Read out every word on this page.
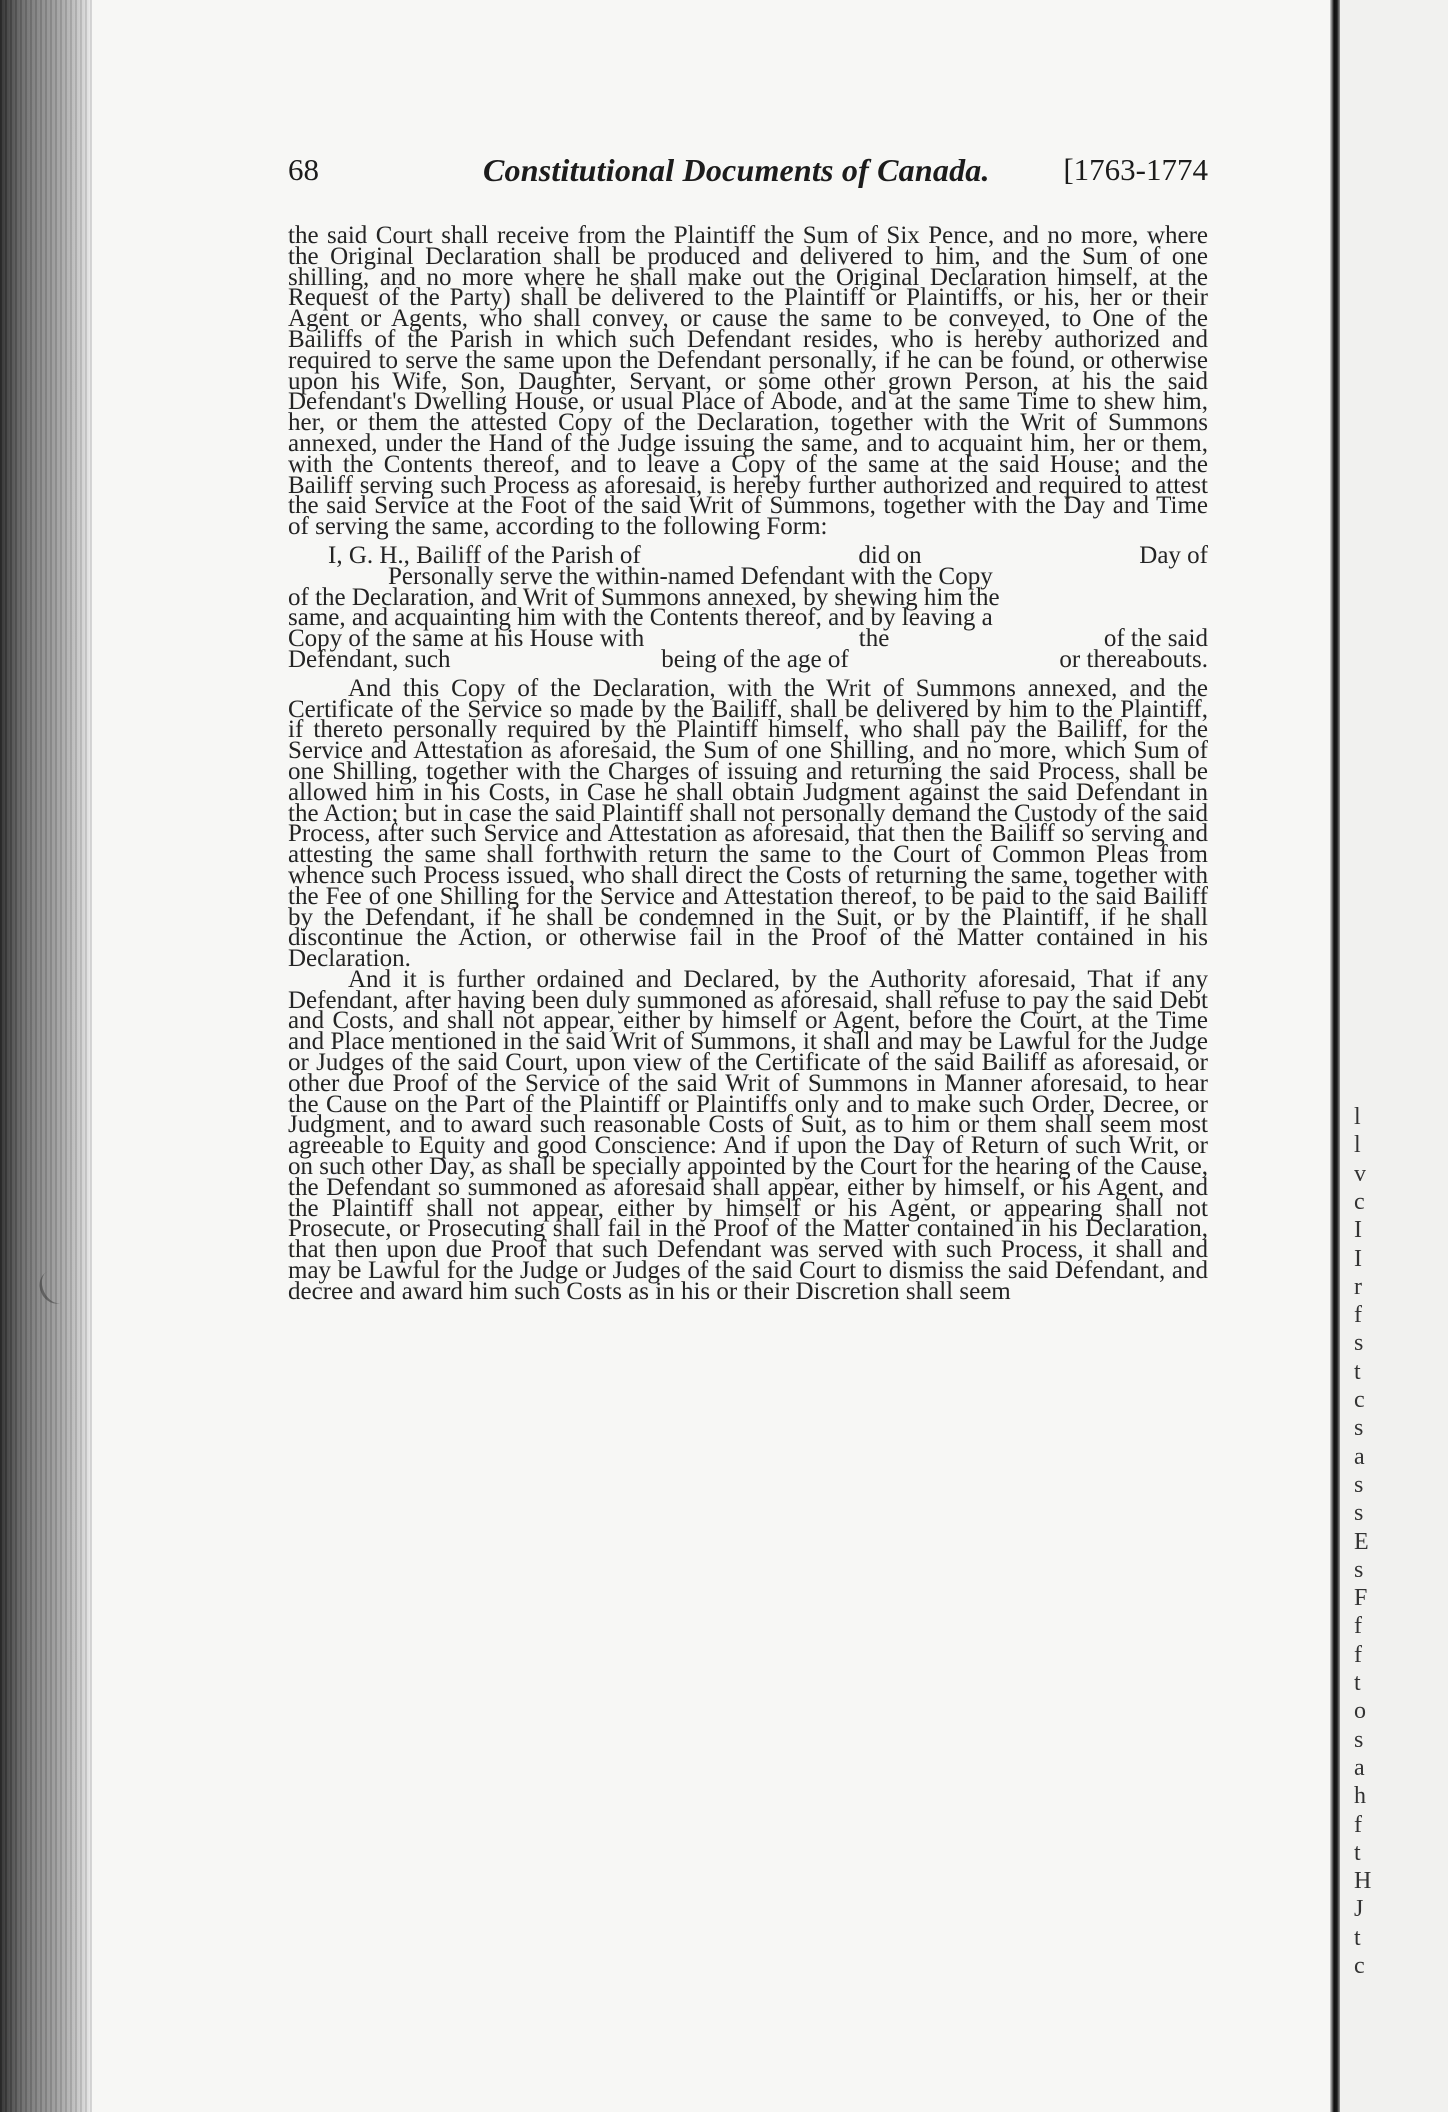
68	Constitutional Documents of Canada. [1763-1774

the said Court shall receive from the Plaintiff the Sum of Six Pence, and no more, where the Original Declaration shall be produced and delivered to him, and the Sum of one shilling, and no more where he shall make out the Original Declaration himself, at the Request of the Party) shall be delivered to the Plaintiff or Plaintiffs, or his, her or their Agent or Agents, who shall convey, or cause the same to be conveyed, to One of the Bailiffs of the Parish in which such Defendant resides, who is hereby authorized and required to serve the same upon the Defendant personally, if he can be found, or otherwise upon his Wife, Son, Daughter, Servant, or some other grown Person, at his the said Defendant's Dwelling House, or usual Place of Abode, and at the same Time to shew him, her, or them the attested Copy of the Declaration, together with the Writ of Summons annexed, under the Hand of the Judge issuing the same, and to acquaint him, her or them, with the Contents thereof, and to leave a Copy of the same at the said House; and the Bailiff serving such Process as aforesaid, is hereby further authorized and required to attest the said Service at the Foot of the said Writ of Summons, together with the Day and Time of serving the same, according to the following Form:

I, G. H., Bailiff of the Parish of	did on	Day of
Personally serve the within-named Defendant with the Copy
of the Declaration, and Writ of Summons annexed, by shewing him the
same, and acquainting him with the Contents thereof, and by leaving a
Copy of the same at his House with	the	of the said
Defendant, such	being of the age of	or thereabouts.

And this Copy of the Declaration, with the Writ of Summons annexed, and the Certificate of the Service so made by the Bailiff, shall be delivered by him to the Plaintiff, if thereto personally required by the Plaintiff himself, who shall pay the Bailiff, for the Service and Attestation as aforesaid, the Sum of one Shilling, and no more, which Sum of one Shilling, together with the Charges of issuing and returning the said Process, shall be allowed him in his Costs, in Case he shall obtain Judgment against the said Defendant in the Action; but in case the said Plaintiff shall not personally demand the Custody of the said Process, after such Service and Attestation as aforesaid, that then the Bailiff so serving and attesting the same shall forthwith return the same to the Court of Common Pleas from whence such Process issued, who shall direct the Costs of returning the same, together with the Fee of one Shilling for the Service and Attestation thereof, to be paid to the said Bailiff by the Defendant, if he shall be condemned in the Suit, or by the Plaintiff, if he shall discontinue the Action, or otherwise fail in the Proof of the Matter contained in his Declaration.

And it is further ordained and Declared, by the Authority aforesaid, That if any Defendant, after having been duly summoned as aforesaid, shall refuse to pay the said Debt and Costs, and shall not appear, either by himself or Agent, before the Court, at the Time and Place mentioned in the said Writ of Summons, it shall and may be Lawful for the Judge or Judges of the said Court, upon view of the Certificate of the said Bailiff as aforesaid, or other due Proof of the Service of the said Writ of Summons in Manner aforesaid, to hear the Cause on the Part of the Plaintiff or Plaintiffs only and to make such Order, Decree, or Judgment, and to award such reasonable Costs of Suit, as to him or them shall seem most agreeable to Equity and good Conscience: And if upon the Day of Return of such Writ, or on such other Day, as shall be specially appointed by the Court for the hearing of the Cause, the Defendant so summoned as aforesaid shall appear, either by himself, or his Agent, and the Plaintiff shall not appear, either by himself or his Agent, or appearing shall not Prosecute, or Prosecuting shall fail in the Proof of the Matter contained in his Declaration, that then upon due Proof that such Defendant was served with such Process, it shall and may be Lawful for the Judge or Judges of the said Court to dismiss the said Defendant, and decree and award him such Costs as in his or their Discretion shall seem

l
l
v
c
I
I
r
f
s
t
c
s
a
s
s
E
s
F
f
f
t
o
s
a
h
f
t
H
J
t
c
